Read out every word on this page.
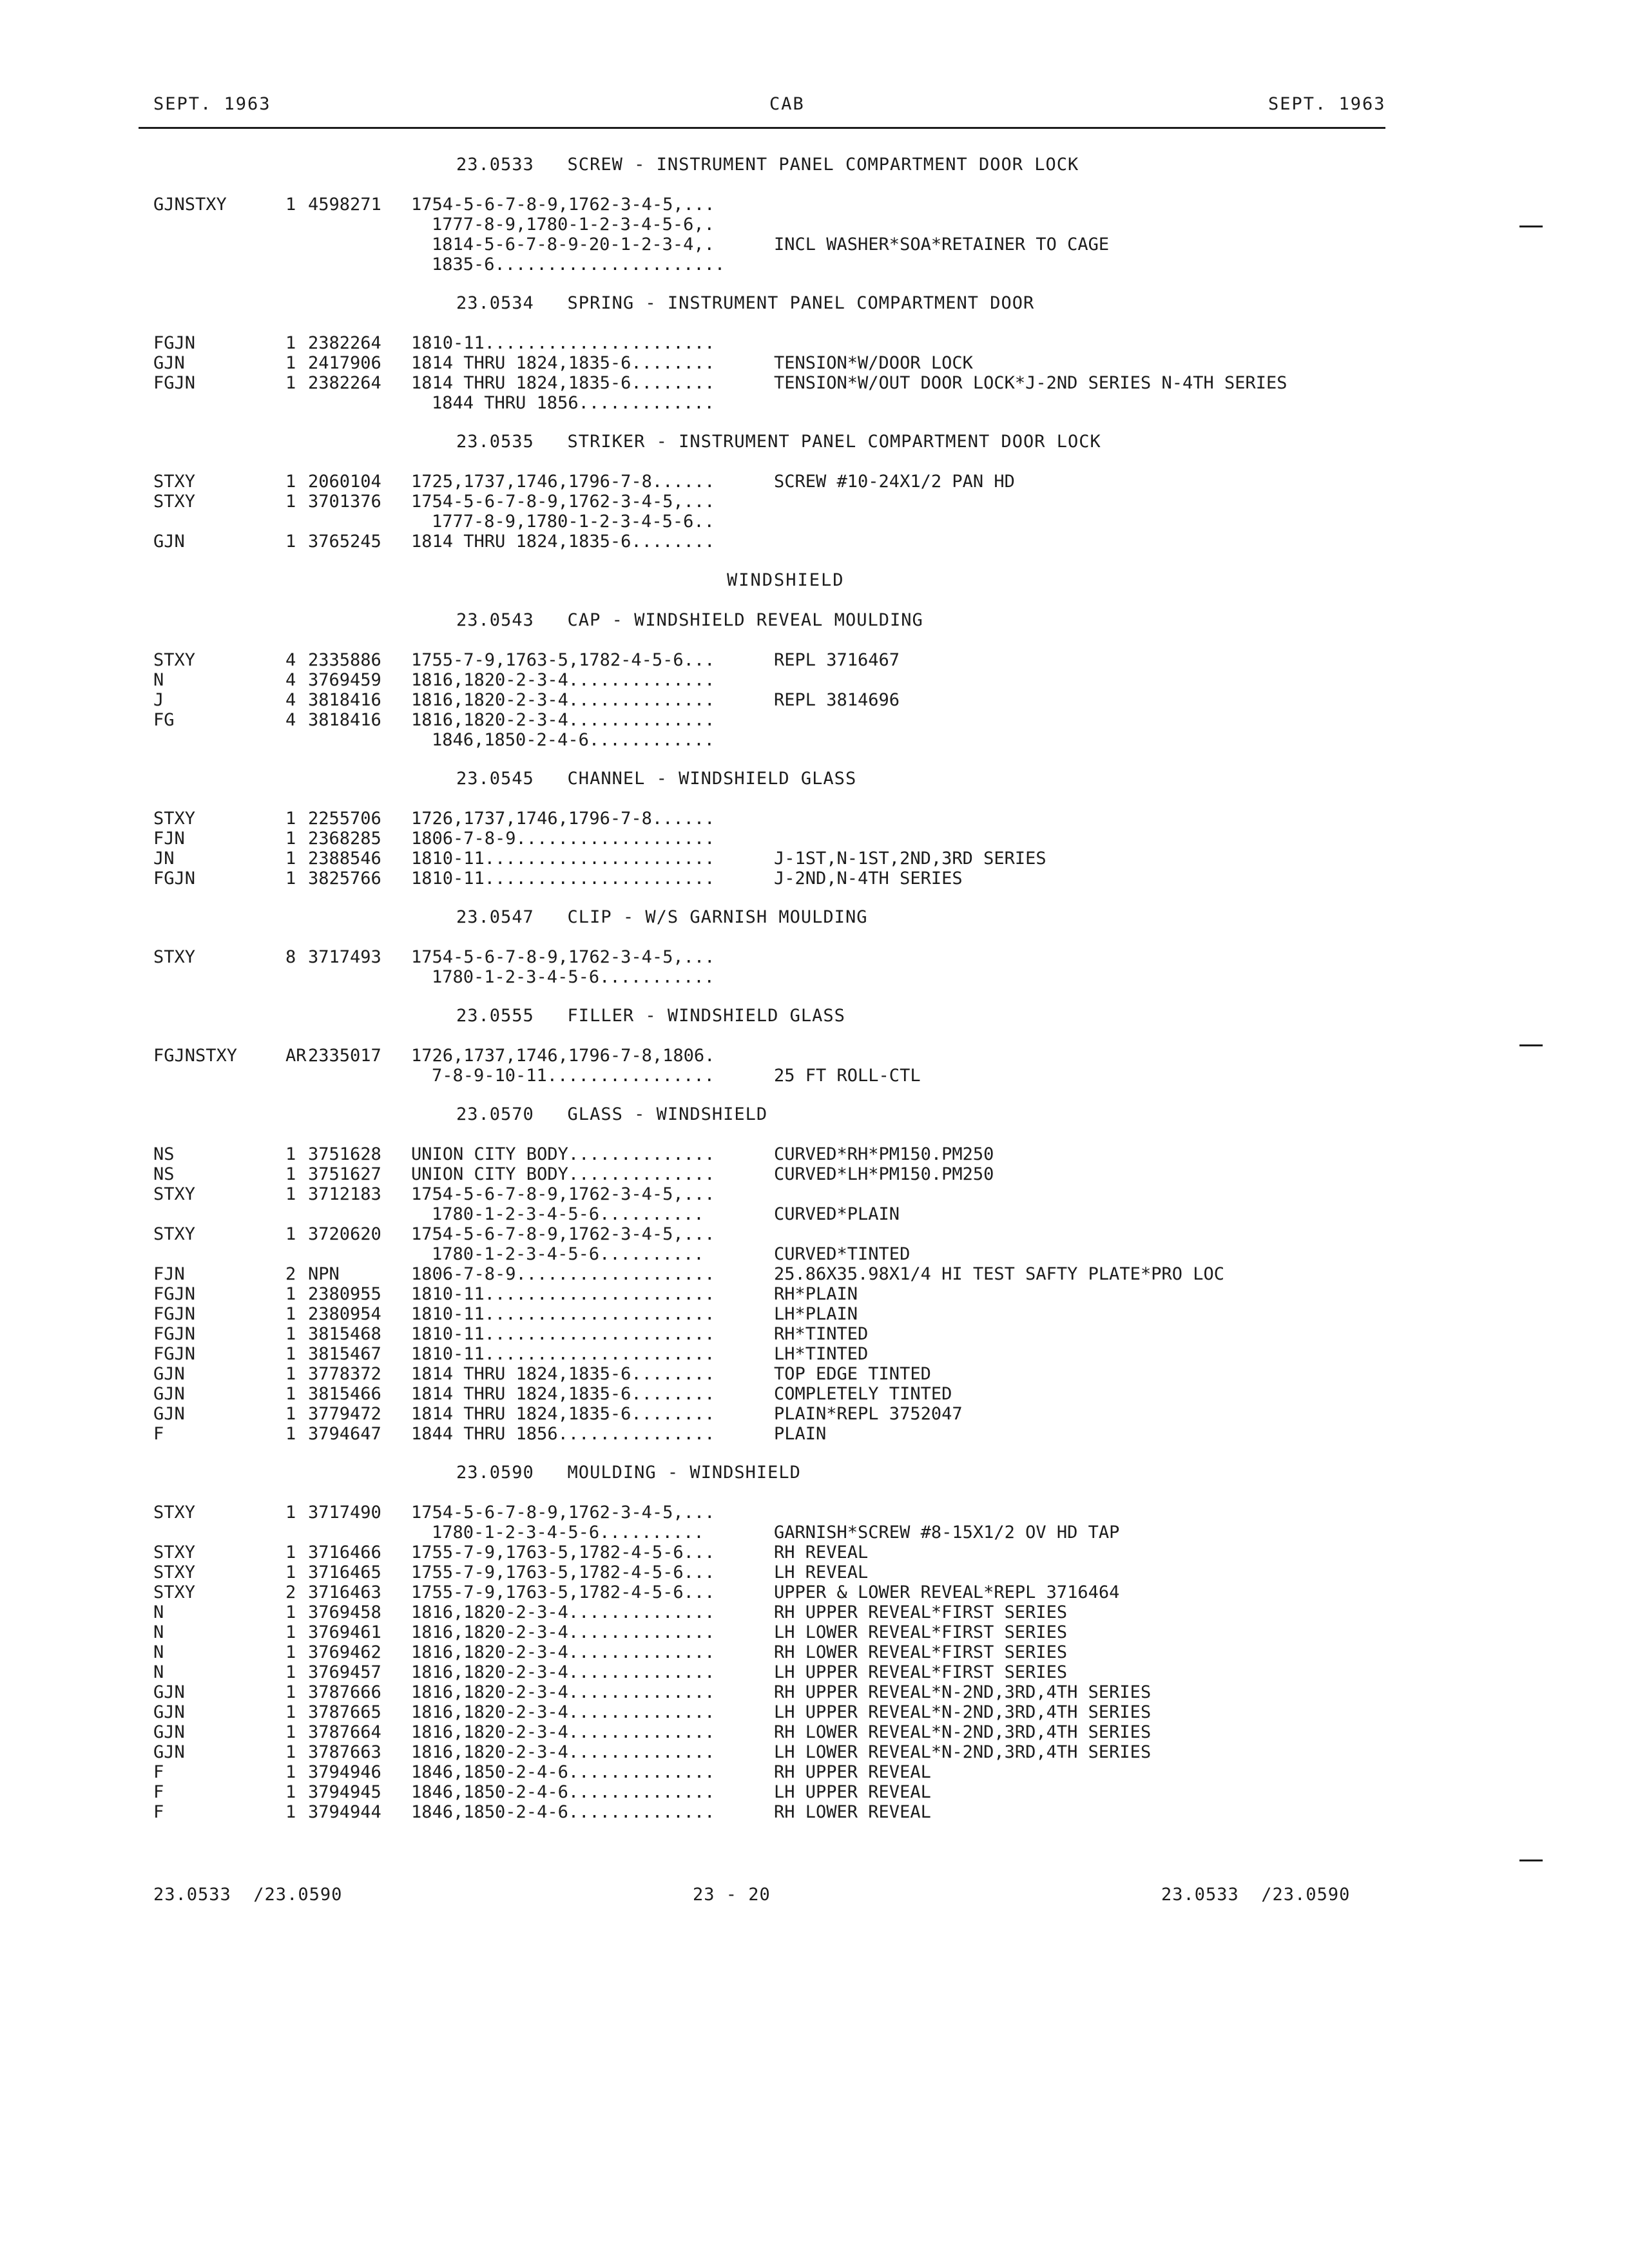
SEPT. 1963	CAB	SEPT. 1963
23.0533   SCREW - INSTRUMENT PANEL COMPARTMENT DOOR LOCK
GJNSTXY	1 4598271 1754-5-6-7-8-9,1762-3-4-5,...
1777-8-9,1780-1-2-3-4-5-6,.
1814-5-6-7-8-9-20-1-2-3-4,.	INCL WASHER*SOA*RETAINER TO CAGE
1835-6......................
23.0534   SPRING - INSTRUMENT PANEL COMPARTMENT DOOR
FGJN	1 2382264 1810-11......................
GJN	1 2417906 1814 THRU 1824,1835-6........	TENSION*W/DOOR LOCK
FGJN	1 2382264 1814 THRU 1824,1835-6........	TENSION*W/OUT DOOR LOCK*J-2ND SERIES N-4TH SERIES
1844 THRU 1856.............
23.0535   STRIKER - INSTRUMENT PANEL COMPARTMENT DOOR LOCK
STXY	1 2060104 1725,1737,1746,1796-7-8......	SCREW #10-24X1/2 PAN HD
STXY	1 3701376 1754-5-6-7-8-9,1762-3-4-5,...
1777-8-9,1780-1-2-3-4-5-6..
GJN	1 3765245 1814 THRU 1824,1835-6........
WINDSHIELD
23.0543   CAP - WINDSHIELD REVEAL MOULDING
STXY	4 2335886 1755-7-9,1763-5,1782-4-5-6...	REPL 3716467
N	4 3769459 1816,1820-2-3-4..............
J	4 3818416 1816,1820-2-3-4..............	REPL 3814696
FG	4 3818416 1816,1820-2-3-4..............
1846,1850-2-4-6............
23.0545   CHANNEL - WINDSHIELD GLASS
STXY	1 2255706 1726,1737,1746,1796-7-8......
FJN	1 2368285 1806-7-8-9...................
JN	1 2388546 1810-11......................	J-1ST,N-1ST,2ND,3RD SERIES
FGJN	1 3825766 1810-11......................	J-2ND,N-4TH SERIES
23.0547   CLIP - W/S GARNISH MOULDING
STXY	8 3717493 1754-5-6-7-8-9,1762-3-4-5,...
1780-1-2-3-4-5-6...........
23.0555   FILLER - WINDSHIELD GLASS
FGJNSTXY	AR 2335017 1726,1737,1746,1796-7-8,1806.
7-8-9-10-11................	25 FT ROLL-CTL
23.0570   GLASS - WINDSHIELD
NS	1 3751628 UNION CITY BODY..............	CURVED*RH*PM150.PM250
NS	1 3751627 UNION CITY BODY..............	CURVED*LH*PM150.PM250
STXY	1 3712183 1754-5-6-7-8-9,1762-3-4-5,...
1780-1-2-3-4-5-6..........	CURVED*PLAIN
STXY	1 3720620 1754-5-6-7-8-9,1762-3-4-5,...
1780-1-2-3-4-5-6..........	CURVED*TINTED
FJN	2 NPN	1806-7-8-9...................	25.86X35.98X1/4 HI TEST SAFTY PLATE*PRO LOC
FGJN	1 2380955 1810-11......................	RH*PLAIN
FGJN	1 2380954 1810-11......................	LH*PLAIN
FGJN	1 3815468 1810-11......................	RH*TINTED
FGJN	1 3815467 1810-11......................	LH*TINTED
GJN	1 3778372 1814 THRU 1824,1835-6........	TOP EDGE TINTED
GJN	1 3815466 1814 THRU 1824,1835-6........	COMPLETELY TINTED
GJN	1 3779472 1814 THRU 1824,1835-6........	PLAIN*REPL 3752047
F	1 3794647 1844 THRU 1856...............	PLAIN
23.0590   MOULDING - WINDSHIELD
STXY	1 3717490 1754-5-6-7-8-9,1762-3-4-5,...
1780-1-2-3-4-5-6..........	GARNISH*SCREW #8-15X1/2 OV HD TAP
STXY	1 3716466 1755-7-9,1763-5,1782-4-5-6...	RH REVEAL
STXY	1 3716465 1755-7-9,1763-5,1782-4-5-6...	LH REVEAL
STXY	2 3716463 1755-7-9,1763-5,1782-4-5-6...	UPPER & LOWER REVEAL*REPL 3716464
N	1 3769458 1816,1820-2-3-4..............	RH UPPER REVEAL*FIRST SERIES
N	1 3769461 1816,1820-2-3-4..............	LH LOWER REVEAL*FIRST SERIES
N	1 3769462 1816,1820-2-3-4..............	RH LOWER REVEAL*FIRST SERIES
N	1 3769457 1816,1820-2-3-4..............	LH UPPER REVEAL*FIRST SERIES
GJN	1 3787666 1816,1820-2-3-4..............	RH UPPER REVEAL*N-2ND,3RD,4TH SERIES
GJN	1 3787665 1816,1820-2-3-4..............	LH UPPER REVEAL*N-2ND,3RD,4TH SERIES
GJN	1 3787664 1816,1820-2-3-4..............	RH LOWER REVEAL*N-2ND,3RD,4TH SERIES
GJN	1 3787663 1816,1820-2-3-4..............	LH LOWER REVEAL*N-2ND,3RD,4TH SERIES
F	1 3794946 1846,1850-2-4-6..............	RH UPPER REVEAL
F	1 3794945 1846,1850-2-4-6..............	LH UPPER REVEAL
F	1 3794944 1846,1850-2-4-6..............	RH LOWER REVEAL
23.0533  /23.0590	23 - 20	23.0533  /23.0590
